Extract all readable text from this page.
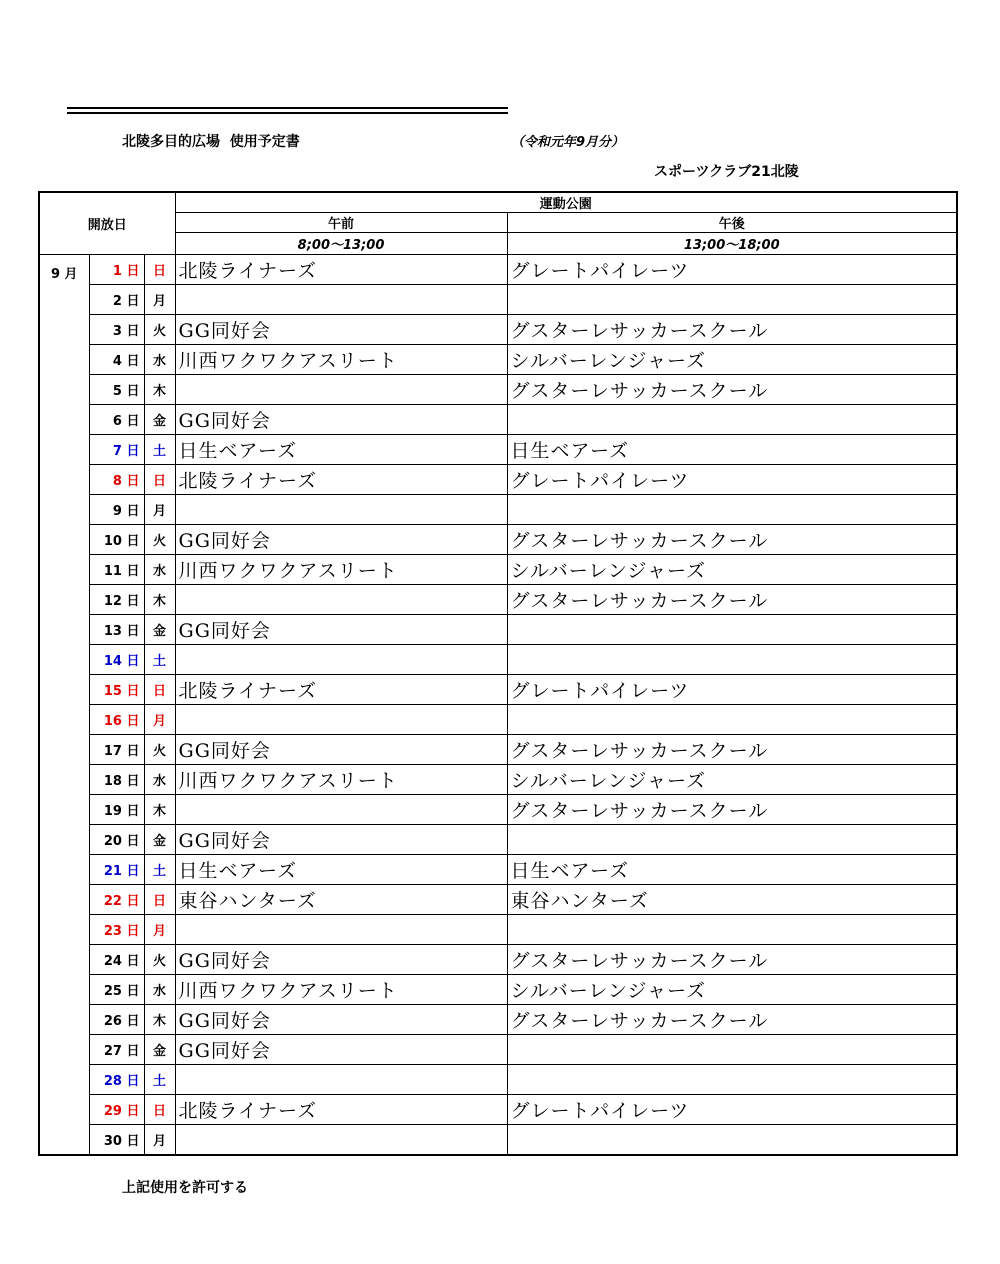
北陵多目的広場  使用予定書	（令和元年9月分）
スポーツクラブ21北陵
開放日			運動公園	
			午前	午後
			8;00～13;00	13;00～18;00
9 月	1 日	日	北陵ライナーズ	グレートパイレーツ
	2 日	月		
	3 日	火	GG同好会	グスターレサッカースクール
	4 日	水	川西ワクワクアスリート	シルバーレンジャーズ
	5 日	木		グスターレサッカースクール
	6 日	金	GG同好会	
	7 日	土	日生ベアーズ	日生ベアーズ
	8 日	日	北陵ライナーズ	グレートパイレーツ
	9 日	月		
	10 日	火	GG同好会	グスターレサッカースクール
	11 日	水	川西ワクワクアスリート	シルバーレンジャーズ
	12 日	木		グスターレサッカースクール
	13 日	金	GG同好会	
	14 日	土		
	15 日	日	北陵ライナーズ	グレートパイレーツ
	16 日	月		
	17 日	火	GG同好会	グスターレサッカースクール
	18 日	水	川西ワクワクアスリート	シルバーレンジャーズ
	19 日	木		グスターレサッカースクール
	20 日	金	GG同好会	
	21 日	土	日生ベアーズ	日生ベアーズ
	22 日	日	東谷ハンターズ	東谷ハンターズ
	23 日	月		
	24 日	火	GG同好会	グスターレサッカースクール
	25 日	水	川西ワクワクアスリート	シルバーレンジャーズ
	26 日	木	GG同好会	グスターレサッカースクール
	27 日	金	GG同好会	
	28 日	土		
	29 日	日	北陵ライナーズ	グレートパイレーツ
	30 日	月		
上記使用を許可する
